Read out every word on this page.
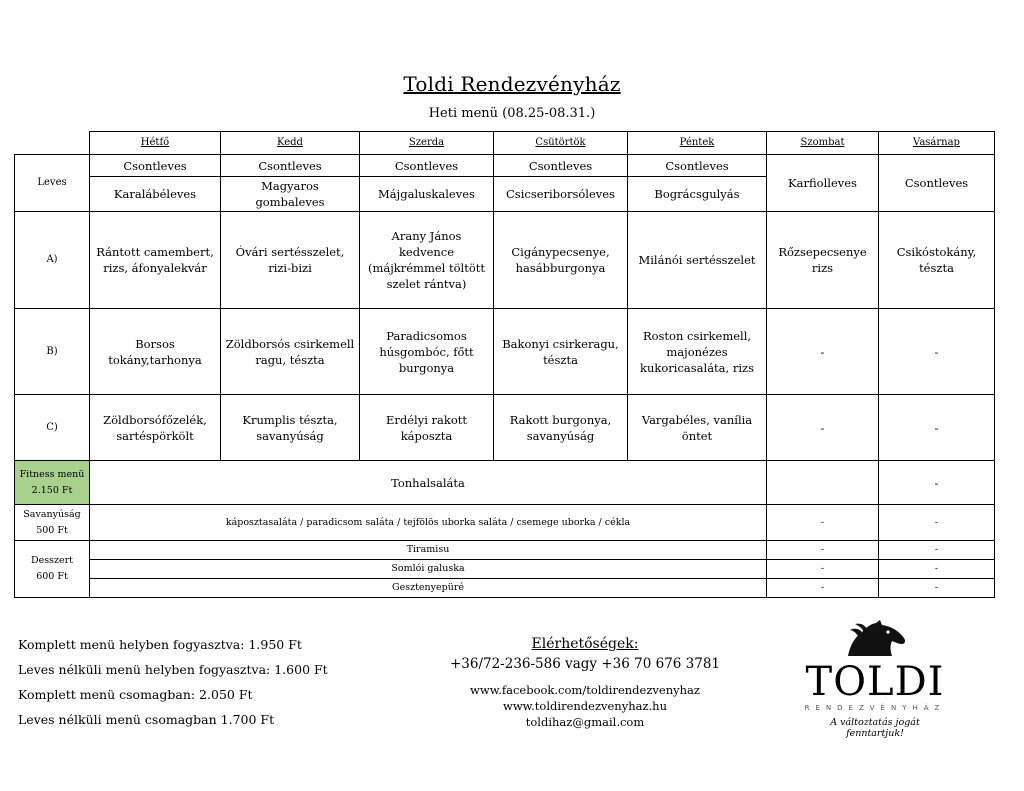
Toldi Rendezvényház
Heti menü (08.25-08.31.)
	Hétfő	Kedd	Szerda	Csütörtök	Péntek	Szombat	Vasárnap
Leves	Csontleves	Csontleves	Csontleves	Csontleves	Csontleves	Karfiolleves	Csontleves
	Karalábéleves	Magyaros gombaleves	Májgaluskaleves	Csicseriborsóleves	Bográcsgulyás		
A)	Rántott camembert, rizs, áfonyalekvár	Óvári sertésszelet, rizi-bizi	Arany János kedvence (májkrémmel töltött szelet rántva)	Cigánypecsenye, hasábburgonya	Milánói sertésszelet	Rőzsepecsenye rizs	Csikóstokány, tészta
B)	Borsos tokány,tarhonya	Zöldborsós csirkemell ragu, tészta	Paradicsomos húsgombóc, főtt burgonya	Bakonyi csirkeragu, tészta	Roston csirkemell, majonézes kukoricasaláta, rizs	-	-
C)	Zöldborsófőzelék, sartéspörkölt	Krumplis tészta, savanyúság	Erdélyi rakott káposzta	Rakott burgonya, savanyúság	Vargabéles, vanília öntet	-	-
Fitness menü
2.150 Ft	Tonhalsaláta						-
Savanyúság
500 Ft	káposztasaláta / paradicsom saláta / tejfölös uborka saláta / csemege uborka / cékla					-	-
Desszert
600 Ft	Tiramisu					-	-
	Somlói galuska					-	-
	Gesztenyepüré					-	-
Komplett menü helyben fogyasztva: 1.950 Ft
Leves nélküli menü helyben fogyasztva: 1.600 Ft
Komplett menü csomagban: 2.050 Ft
Leves nélküli menü csomagban 1.700 Ft
Elérhetőségek:
+36/72-236-586 vagy +36 70 676 3781
www.facebook.com/toldirendezvenyhaz
www.toldirendezvenyhaz.hu
toldihaz@gmail.com
TOLDI
RENDEZVÉNYHÁZ
A változtatás jogát fenntartjuk!
